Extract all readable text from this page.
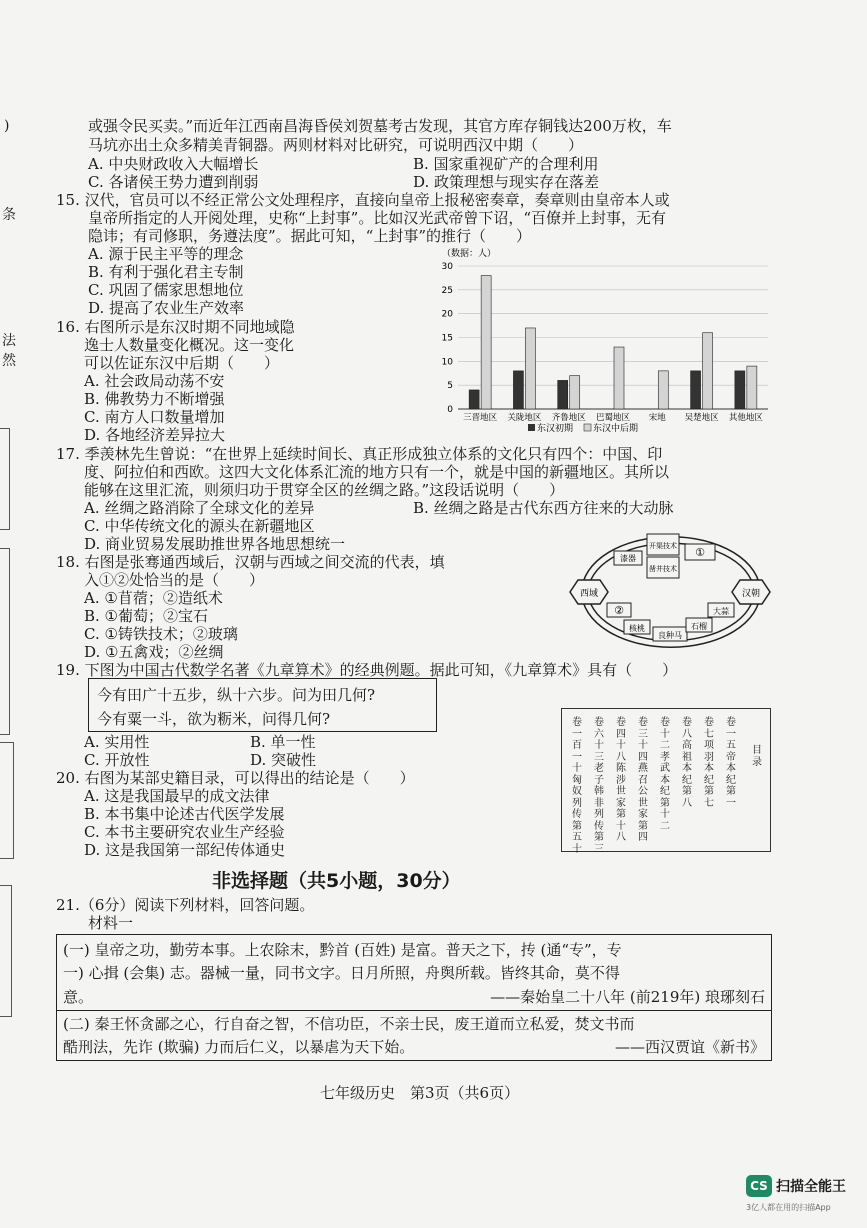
)
条
法
然
或强令民买卖。”而近年江西南昌海昏侯刘贺墓考古发现，其官方库存铜钱达200万枚，车
马坑亦出土众多精美青铜器。两则材料对比研究，可说明西汉中期（　　）
A. 中央财政收入大幅增长	B. 国家重视矿产的合理利用
C. 各诸侯王势力遭到削弱	D. 政策理想与现实存在落差
15. 汉代，官员可以不经正常公文处理程序，直接向皇帝上报秘密奏章，奏章则由皇帝本人或
皇帝所指定的人开阅处理，史称“上封事”。比如汉光武帝曾下诏，“百僚并上封事，无有
隐讳；有司修职，务遵法度”。据此可知，“上封事”的推行（　　）
A. 源于民主平等的理念
B. 有利于强化君主专制
C. 巩固了儒家思想地位
D. 提高了农业生产效率
16. 右图所示是东汉时期不同地域隐
逸士人数量变化概况。这一变化
可以佐证东汉中后期（　　）
A. 社会政局动荡不安
B. 佛教势力不断增强
C. 南方人口数量增加
D. 各地经济差异拉大
（数据：人）
0
5
10
15
20
25
30
三晋地区 关陇地区 齐鲁地区 巴蜀地区 宋地 吴楚地区 其他地区
东汉初期 东汉中后期
17. 季羡林先生曾说：“在世界上延续时间长、真正形成独立体系的文化只有四个：中国、印
度、阿拉伯和西欧。这四大文化体系汇流的地方只有一个，就是中国的新疆地区。其所以
能够在这里汇流，则须归功于贯穿全区的丝绸之路。”这段话说明（　　）
A. 丝绸之路消除了全球文化的差异	B. 丝绸之路是古代东西方往来的大动脉
C. 中华传统文化的源头在新疆地区
D. 商业贸易发展助推世界各地思想统一
18. 右图是张骞通西域后，汉朝与西域之间交流的代表，填
入①②处恰当的是（　　）
A. ①苜蓿；②造纸术
B. ①葡萄；②宝石
C. ①铸铁技术；②玻璃
D. ①五禽戏；②丝绸
西域	汉朝
漆器
开渠技术
凿井技术
①
②
核桃
良种马
石榴
大蒜
19. 下图为中国古代数学名著《九章算术》的经典例题。据此可知，《九章算术》具有（　　）
今有田广十五步，纵十六步。问为田几何?
今有粟一斗，欲为粝米，问得几何?
A. 实用性	B. 单一性
C. 开放性	D. 突破性
20. 右图为某部史籍目录，可以得出的结论是（　　）
A. 这是我国最早的成文法律
B. 本书集中论述古代医学发展
C. 本书主要研究农业生产经验
D. 这是我国第一部纪传体通史
目录
卷一五帝本纪第一
卷七项羽本纪第七
卷八高祖本纪第八
卷十二孝武本纪第十二
卷三十四燕召公世家第四
卷四十八陈涉世家第十八
卷六十三老子韩非列传第三
卷一百一十匈奴列传第五十
非选择题（共5小题，30分）
21.（6分）阅读下列材料，回答问题。
材料一
(一) 皇帝之功，勤劳本事。上农除末，黔首 (百姓) 是富。普天之下，抟 (通“专”，专
一) 心揖 (会集) 志。器械一量，同书文字。日月所照，舟舆所载。皆终其命，莫不得
意。	——秦始皇二十八年 (前219年) 琅琊刻石
(二) 秦王怀贪鄙之心，行自奋之智，不信功臣，不亲士民，废王道而立私爱，焚文书而
酷刑法，先诈 (欺骗) 力而后仁义，以暴虐为天下始。	——西汉贾谊《新书》
七年级历史　第3页（共6页）
CS 扫描全能王
3亿人都在用的扫描App
